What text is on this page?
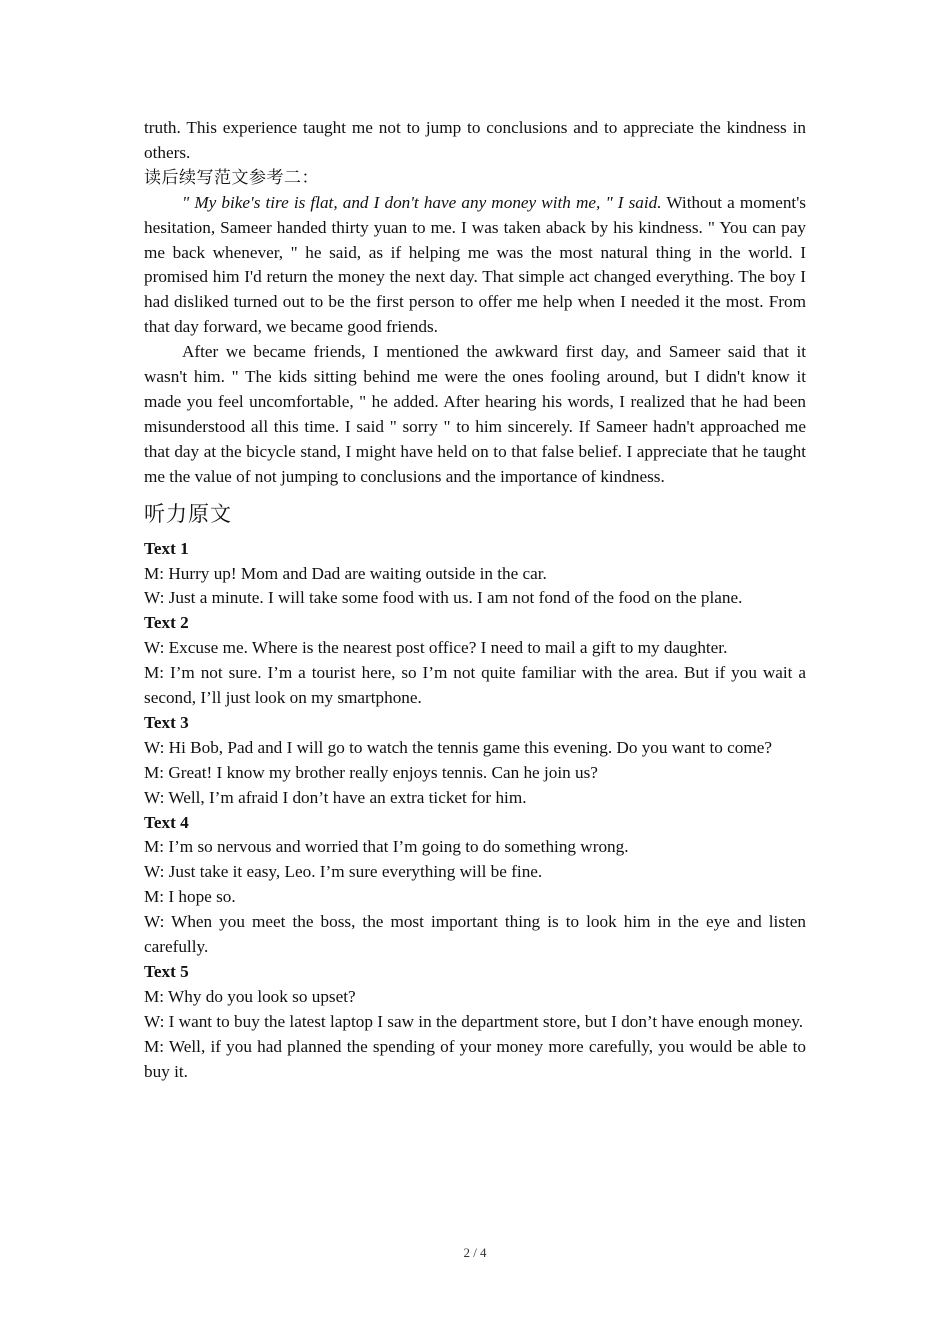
truth. This experience taught me not to jump to conclusions and to appreciate the kindness in others.

读后续写范文参考二：

" My bike's tire is flat, and I don't have any money with me, " I said. Without a moment's hesitation, Sameer handed thirty yuan to me. I was taken aback by his kindness. " You can pay me back whenever, " he said, as if helping me was the most natural thing in the world. I promised him I'd return the money the next day. That simple act changed everything. The boy I had disliked turned out to be the first person to offer me help when I needed it the most. From that day forward, we became good friends.

After we became friends, I mentioned the awkward first day, and Sameer said that it wasn't him. " The kids sitting behind me were the ones fooling around, but I didn't know it made you feel uncomfortable, " he added. After hearing his words, I realized that he had been misunderstood all this time. I said " sorry " to him sincerely. If Sameer hadn't approached me that day at the bicycle stand, I might have held on to that false belief. I appreciate that he taught me the value of not jumping to conclusions and the importance of kindness.

听力原文

Text 1

M: Hurry up! Mom and Dad are waiting outside in the car.

W: Just a minute. I will take some food with us. I am not fond of the food on the plane.

Text 2

W: Excuse me. Where is the nearest post office? I need to mail a gift to my daughter.

M: I’m not sure. I’m a tourist here, so I’m not quite familiar with the area. But if you wait a second, I’ll just look on my smartphone.

Text 3

W: Hi Bob, Pad and I will go to watch the tennis game this evening. Do you want to come?

M: Great! I know my brother really enjoys tennis. Can he join us?

W: Well, I’m afraid I don’t have an extra ticket for him.

Text 4

M: I’m so nervous and worried that I’m going to do something wrong.

W: Just take it easy, Leo. I’m sure everything will be fine.

M: I hope so.

W: When you meet the boss, the most important thing is to look him in the eye and listen carefully.

Text 5

M: Why do you look so upset?

W: I want to buy the latest laptop I saw in the department store, but I don’t have enough money.

M: Well, if you had planned the spending of your money more carefully, you would be able to buy it.

2 / 4
